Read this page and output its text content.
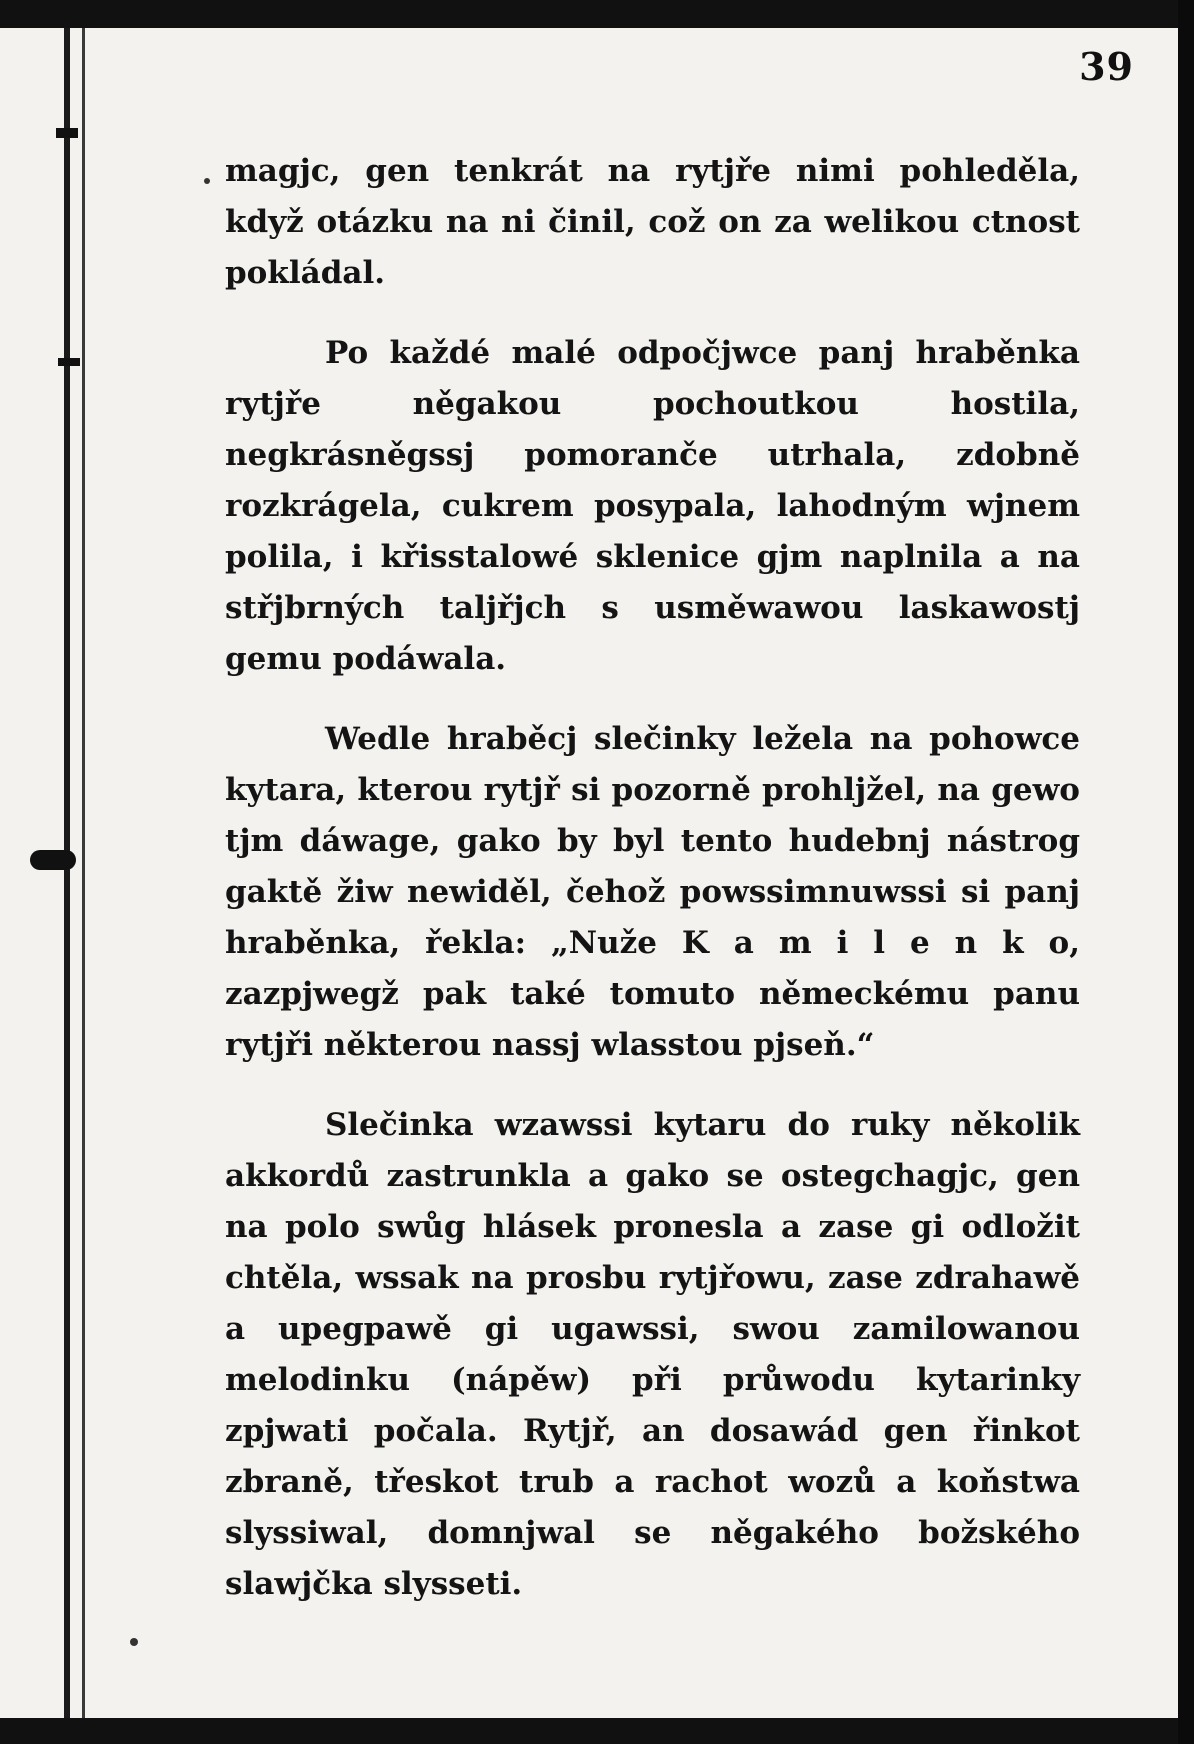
39

magjc, gen tenkrát na rytjře nimi pohleděla, když otázku na ni činil, což on za welikou ctnost pokládal.

Po každé malé odpočjwce panj hraběnka rytjře něgakou pochoutkou hostila, negkrásněgssj pomoranče utrhala, zdobně rozkrágela, cukrem posypala, lahodným wjnem polila, i křisstalowé sklenice gjm naplnila a na střjbrných talјřjch s usměwawou laskawostj gemu podáwala.

Wedle hraběcj slečinky ležela na pohowce kytara, kterou rytjř si pozorně prohljžel, na gewo tjm dáwage, gako by byl tento hudebnj nástrog gaktě žiw newiděl, čehož powssimnuwssi si panj hraběnka, řekla: „Nuže K a m i l e n k o, zazpjwegž pak také tomuto německému panu rytjři některou nassj wlasstou pjseň.“

Slečinka wzawssi kytaru do ruky několik akkordů zastrunkla a gako se ostegchagjc, gen na polo swůg hlásek pronesla a zase gi odložit chtěla, wssak na prosbu rytjřowu, zase zdrahawě a upegpawě gi ugawssi, swou zamilowanou melodinku (nápěw) při průwodu kytarinky zpjwati počala. Rytjř, an dosawád gen řinkot zbraně, třeskot trub a rachot wozů a koňstwa slyssiwal, domnjwal se něgakého božského slawjčka slysseti.
